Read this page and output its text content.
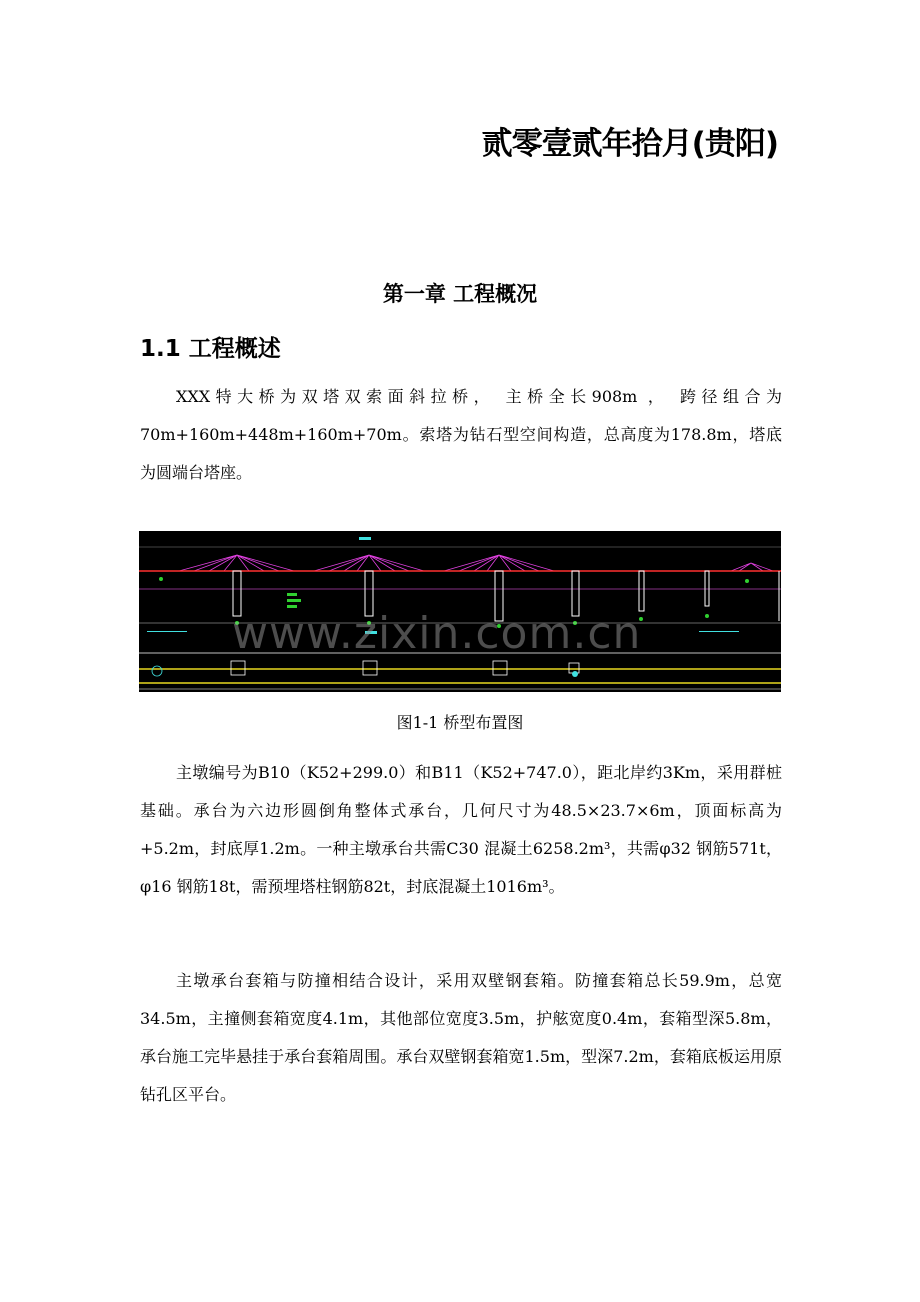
贰零壹贰年拾月(贵阳)
第一章 工程概况
1.1 工程概述

XXX特大桥为双塔双索面斜拉桥， 主桥全长908m ， 跨径组合为70m+160m+448m+160m+70m。索塔为钻石型空间构造，总高度为178.8m，塔底为圆端台塔座。

www.zixin.com.cn
图1-1 桥型布置图

主墩编号为B10（K52+299.0）和B11（K52+747.0），距北岸约3Km，采用群桩基础。承台为六边形圆倒角整体式承台，几何尺寸为48.5×23.7×6m，顶面标高为+5.2m，封底厚1.2m。一种主墩承台共需C30 混凝土6258.2m³，共需φ32 钢筋571t，φ16 钢筋18t，需预埋塔柱钢筋82t，封底混凝土1016m³。

主墩承台套箱与防撞相结合设计，采用双壁钢套箱。防撞套箱总长59.9m，总宽34.5m，主撞侧套箱宽度4.1m，其他部位宽度3.5m，护舷宽度0.4m，套箱型深5.8m，承台施工完毕悬挂于承台套箱周围。承台双壁钢套箱宽1.5m，型深7.2m，套箱底板运用原钻孔区平台。
